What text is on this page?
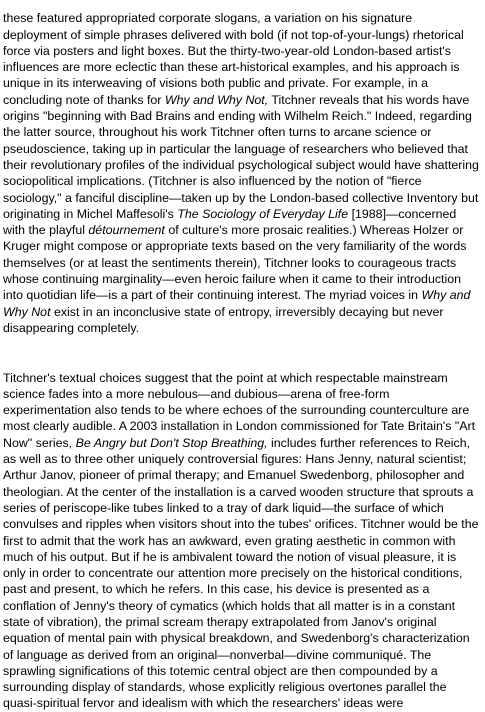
these featured appropriated corporate slogans, a variation on his signature deployment of simple phrases delivered with bold (if not top-of-your-lungs) rhetorical force via posters and light boxes. But the thirty-two-year-old London-based artist's influences are more eclectic than these art-historical examples, and his approach is unique in its interweaving of visions both public and private. For example, in a concluding note of thanks for Why and Why Not, Titchner reveals that his words have origins "beginning with Bad Brains and ending with Wilhelm Reich." Indeed, regarding the latter source, throughout his work Titchner often turns to arcane science or pseudoscience, taking up in particular the language of researchers who believed that their revolutionary profiles of the individual psychological subject would have shattering sociopolitical implications. (Titchner is also influenced by the notion of "fierce sociology," a fanciful discipline—taken up by the London-based collective Inventory but originating in Michel Maffesoli's The Sociology of Everyday Life [1988]—concerned with the playful détournement of culture's more prosaic realities.) Whereas Holzer or Kruger might compose or appropriate texts based on the very familiarity of the words themselves (or at least the sentiments therein), Titchner looks to courageous tracts whose continuing marginality—even heroic failure when it came to their introduction into quotidian life—is a part of their continuing interest. The myriad voices in Why and Why Not exist in an inconclusive state of entropy, irreversibly decaying but never disappearing completely.

Titchner's textual choices suggest that the point at which respectable mainstream science fades into a more nebulous—and dubious—arena of free-form experimentation also tends to be where echoes of the surrounding counterculture are most clearly audible. A 2003 installation in London commissioned for Tate Britain's "Art Now" series, Be Angry but Don't Stop Breathing, includes further references to Reich, as well as to three other uniquely controversial figures: Hans Jenny, natural scientist; Arthur Janov, pioneer of primal therapy; and Emanuel Swedenborg, philosopher and theologian. At the center of the installation is a carved wooden structure that sprouts a series of periscope-like tubes linked to a tray of dark liquid—the surface of which convulses and ripples when visitors shout into the tubes' orifices. Titchner would be the first to admit that the work has an awkward, even grating aesthetic in common with much of his output. But if he is ambivalent toward the notion of visual pleasure, it is only in order to concentrate our attention more precisely on the historical conditions, past and present, to which he refers. In this case, his device is presented as a conflation of Jenny's theory of cymatics (which holds that all matter is in a constant state of vibration), the primal scream therapy extrapolated from Janov's original equation of mental pain with physical breakdown, and Swedenborg's characterization of language as derived from an original—nonverbal—divine communiqué. The sprawling significations of this totemic central object are then compounded by a surrounding display of standards, whose explicitly religious overtones parallel the quasi-spiritual fervor and idealism with which the researchers' ideas were
